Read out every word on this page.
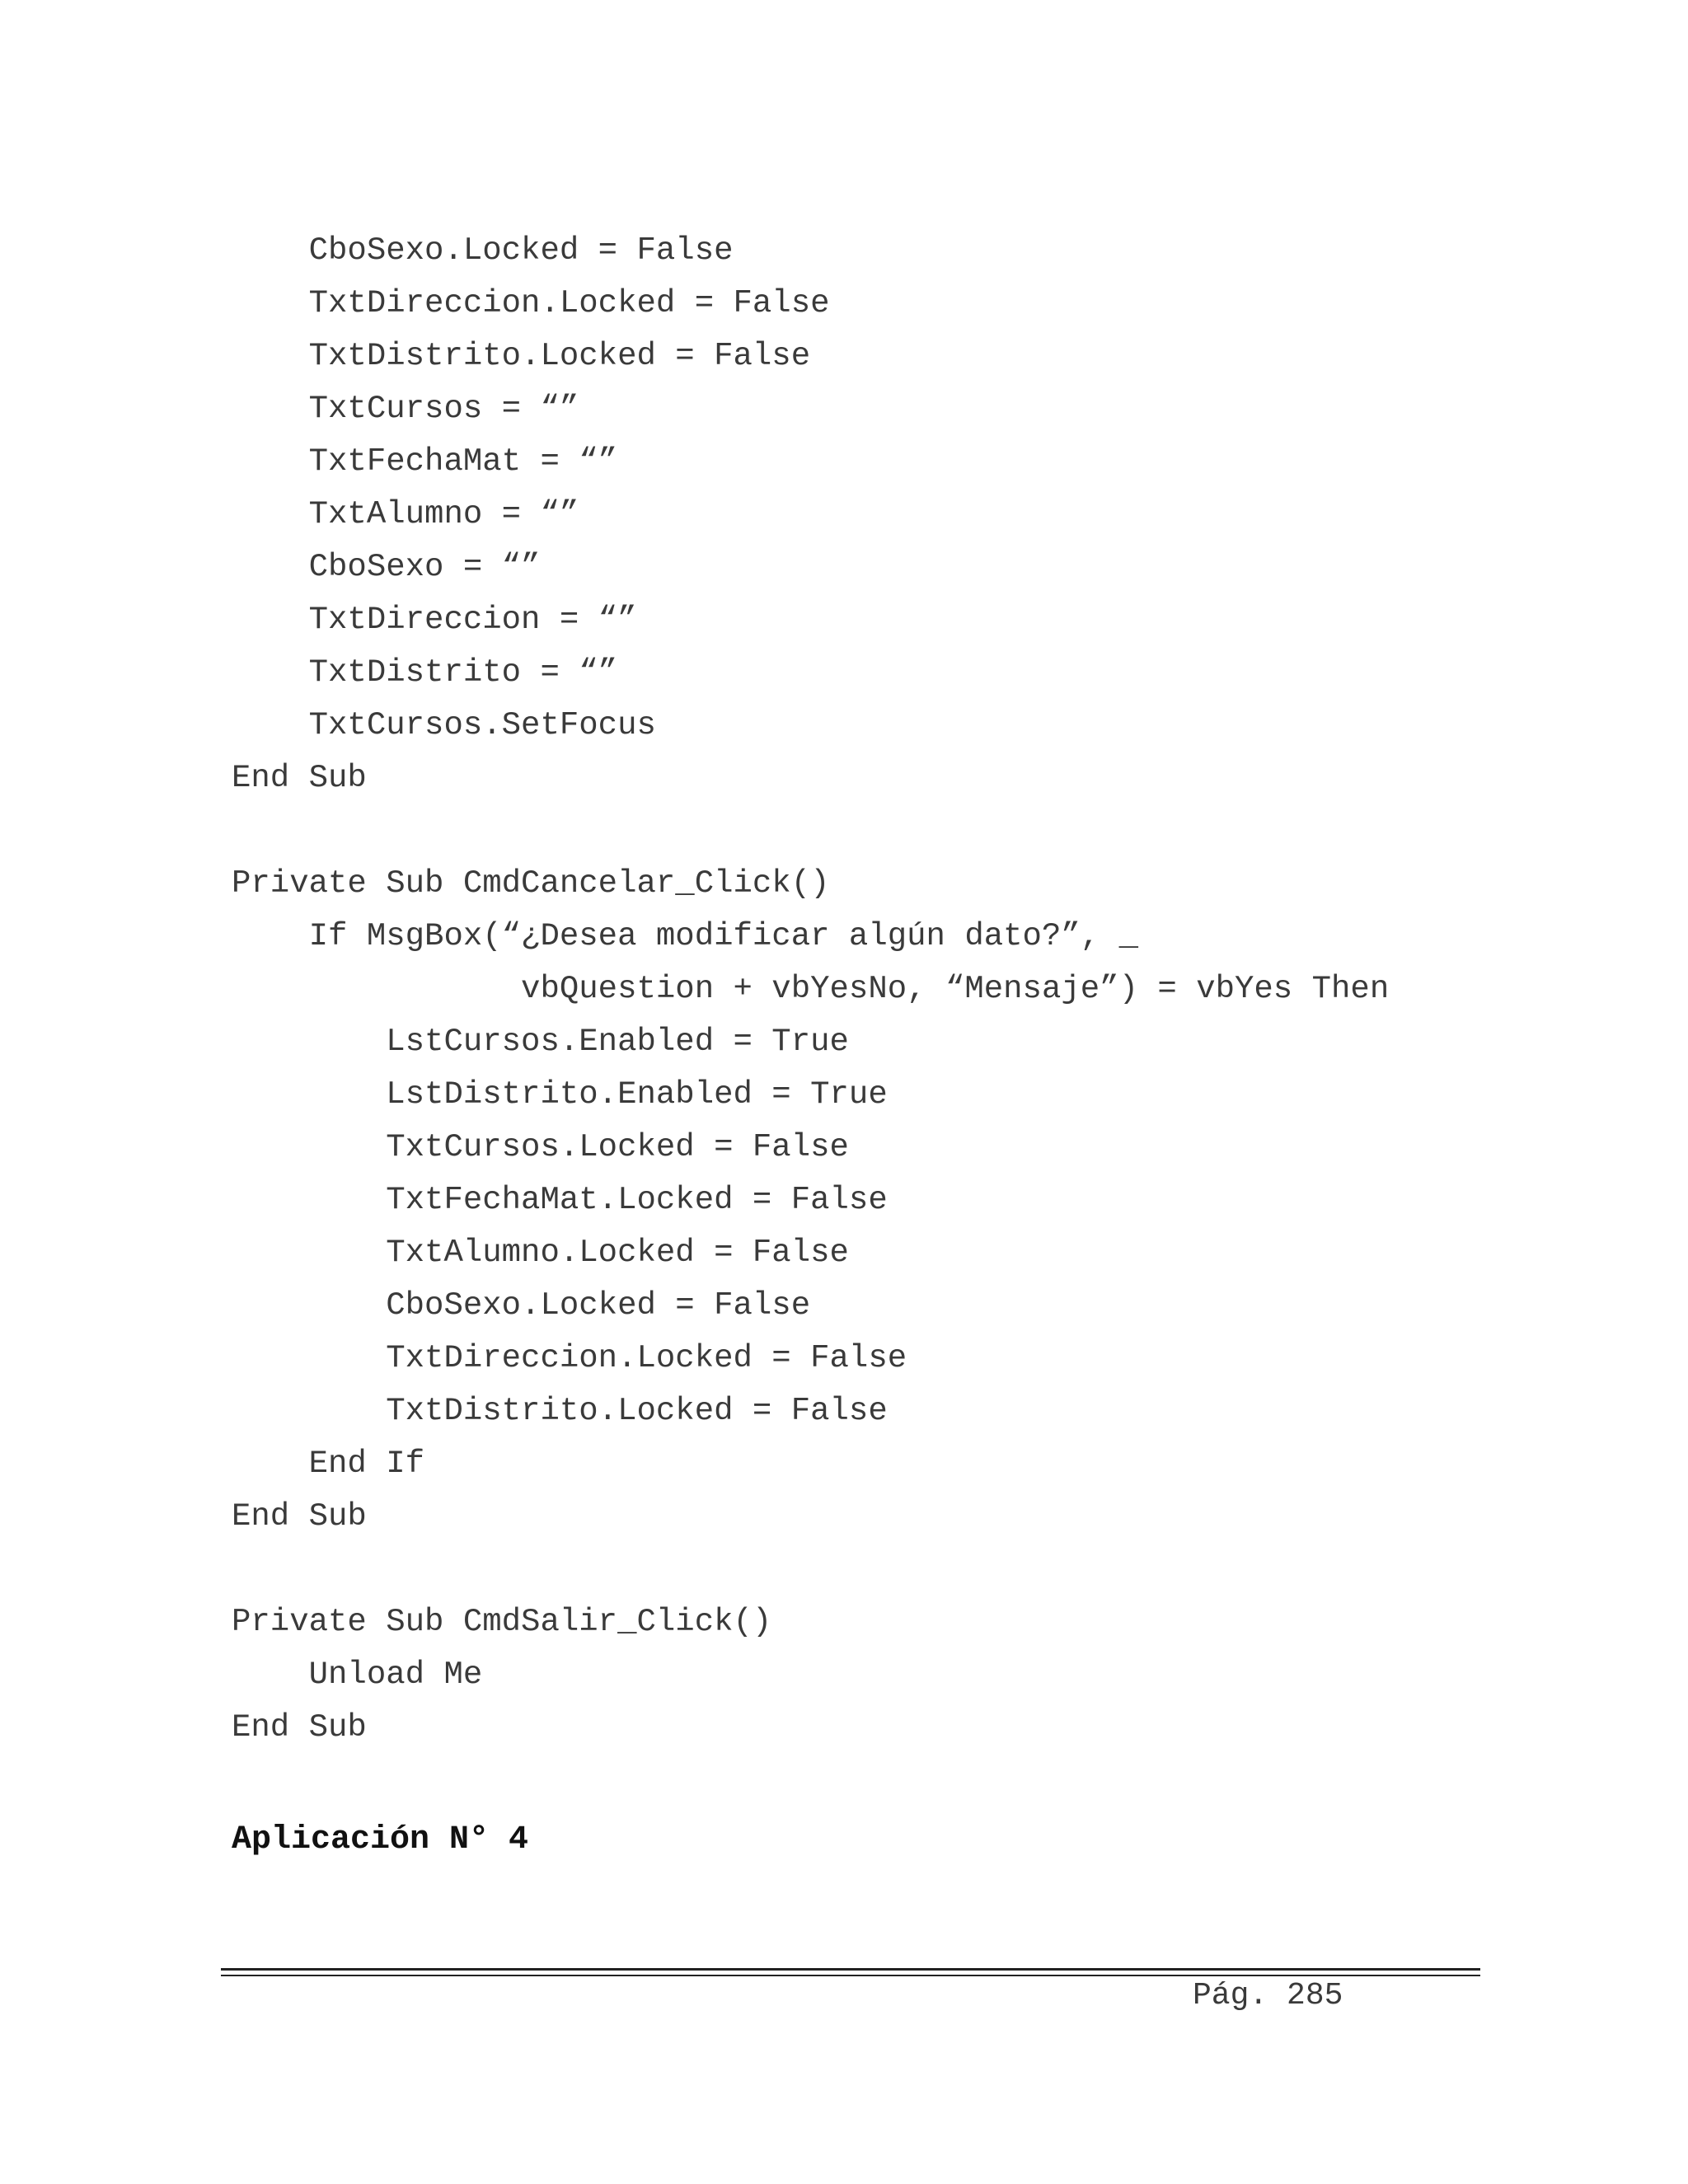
CboSexo.Locked = False
TxtDireccion.Locked = False
TxtDistrito.Locked = False
TxtCursos = “”
TxtFechaMat = “”
TxtAlumno = “”
CboSexo = “”
TxtDireccion = “”
TxtDistrito = “”
TxtCursos.SetFocus
End Sub
Private Sub CmdCancelar_Click()
If MsgBox(“¿Desea modificar algún dato?”, _
vbQuestion + vbYesNo, “Mensaje”) = vbYes Then
LstCursos.Enabled = True
LstDistrito.Enabled = True
TxtCursos.Locked = False
TxtFechaMat.Locked = False
TxtAlumno.Locked = False
CboSexo.Locked = False
TxtDireccion.Locked = False
TxtDistrito.Locked = False
End If
End Sub
Private Sub CmdSalir_Click()
Unload Me
End Sub
Aplicación N° 4
Pág. 285
